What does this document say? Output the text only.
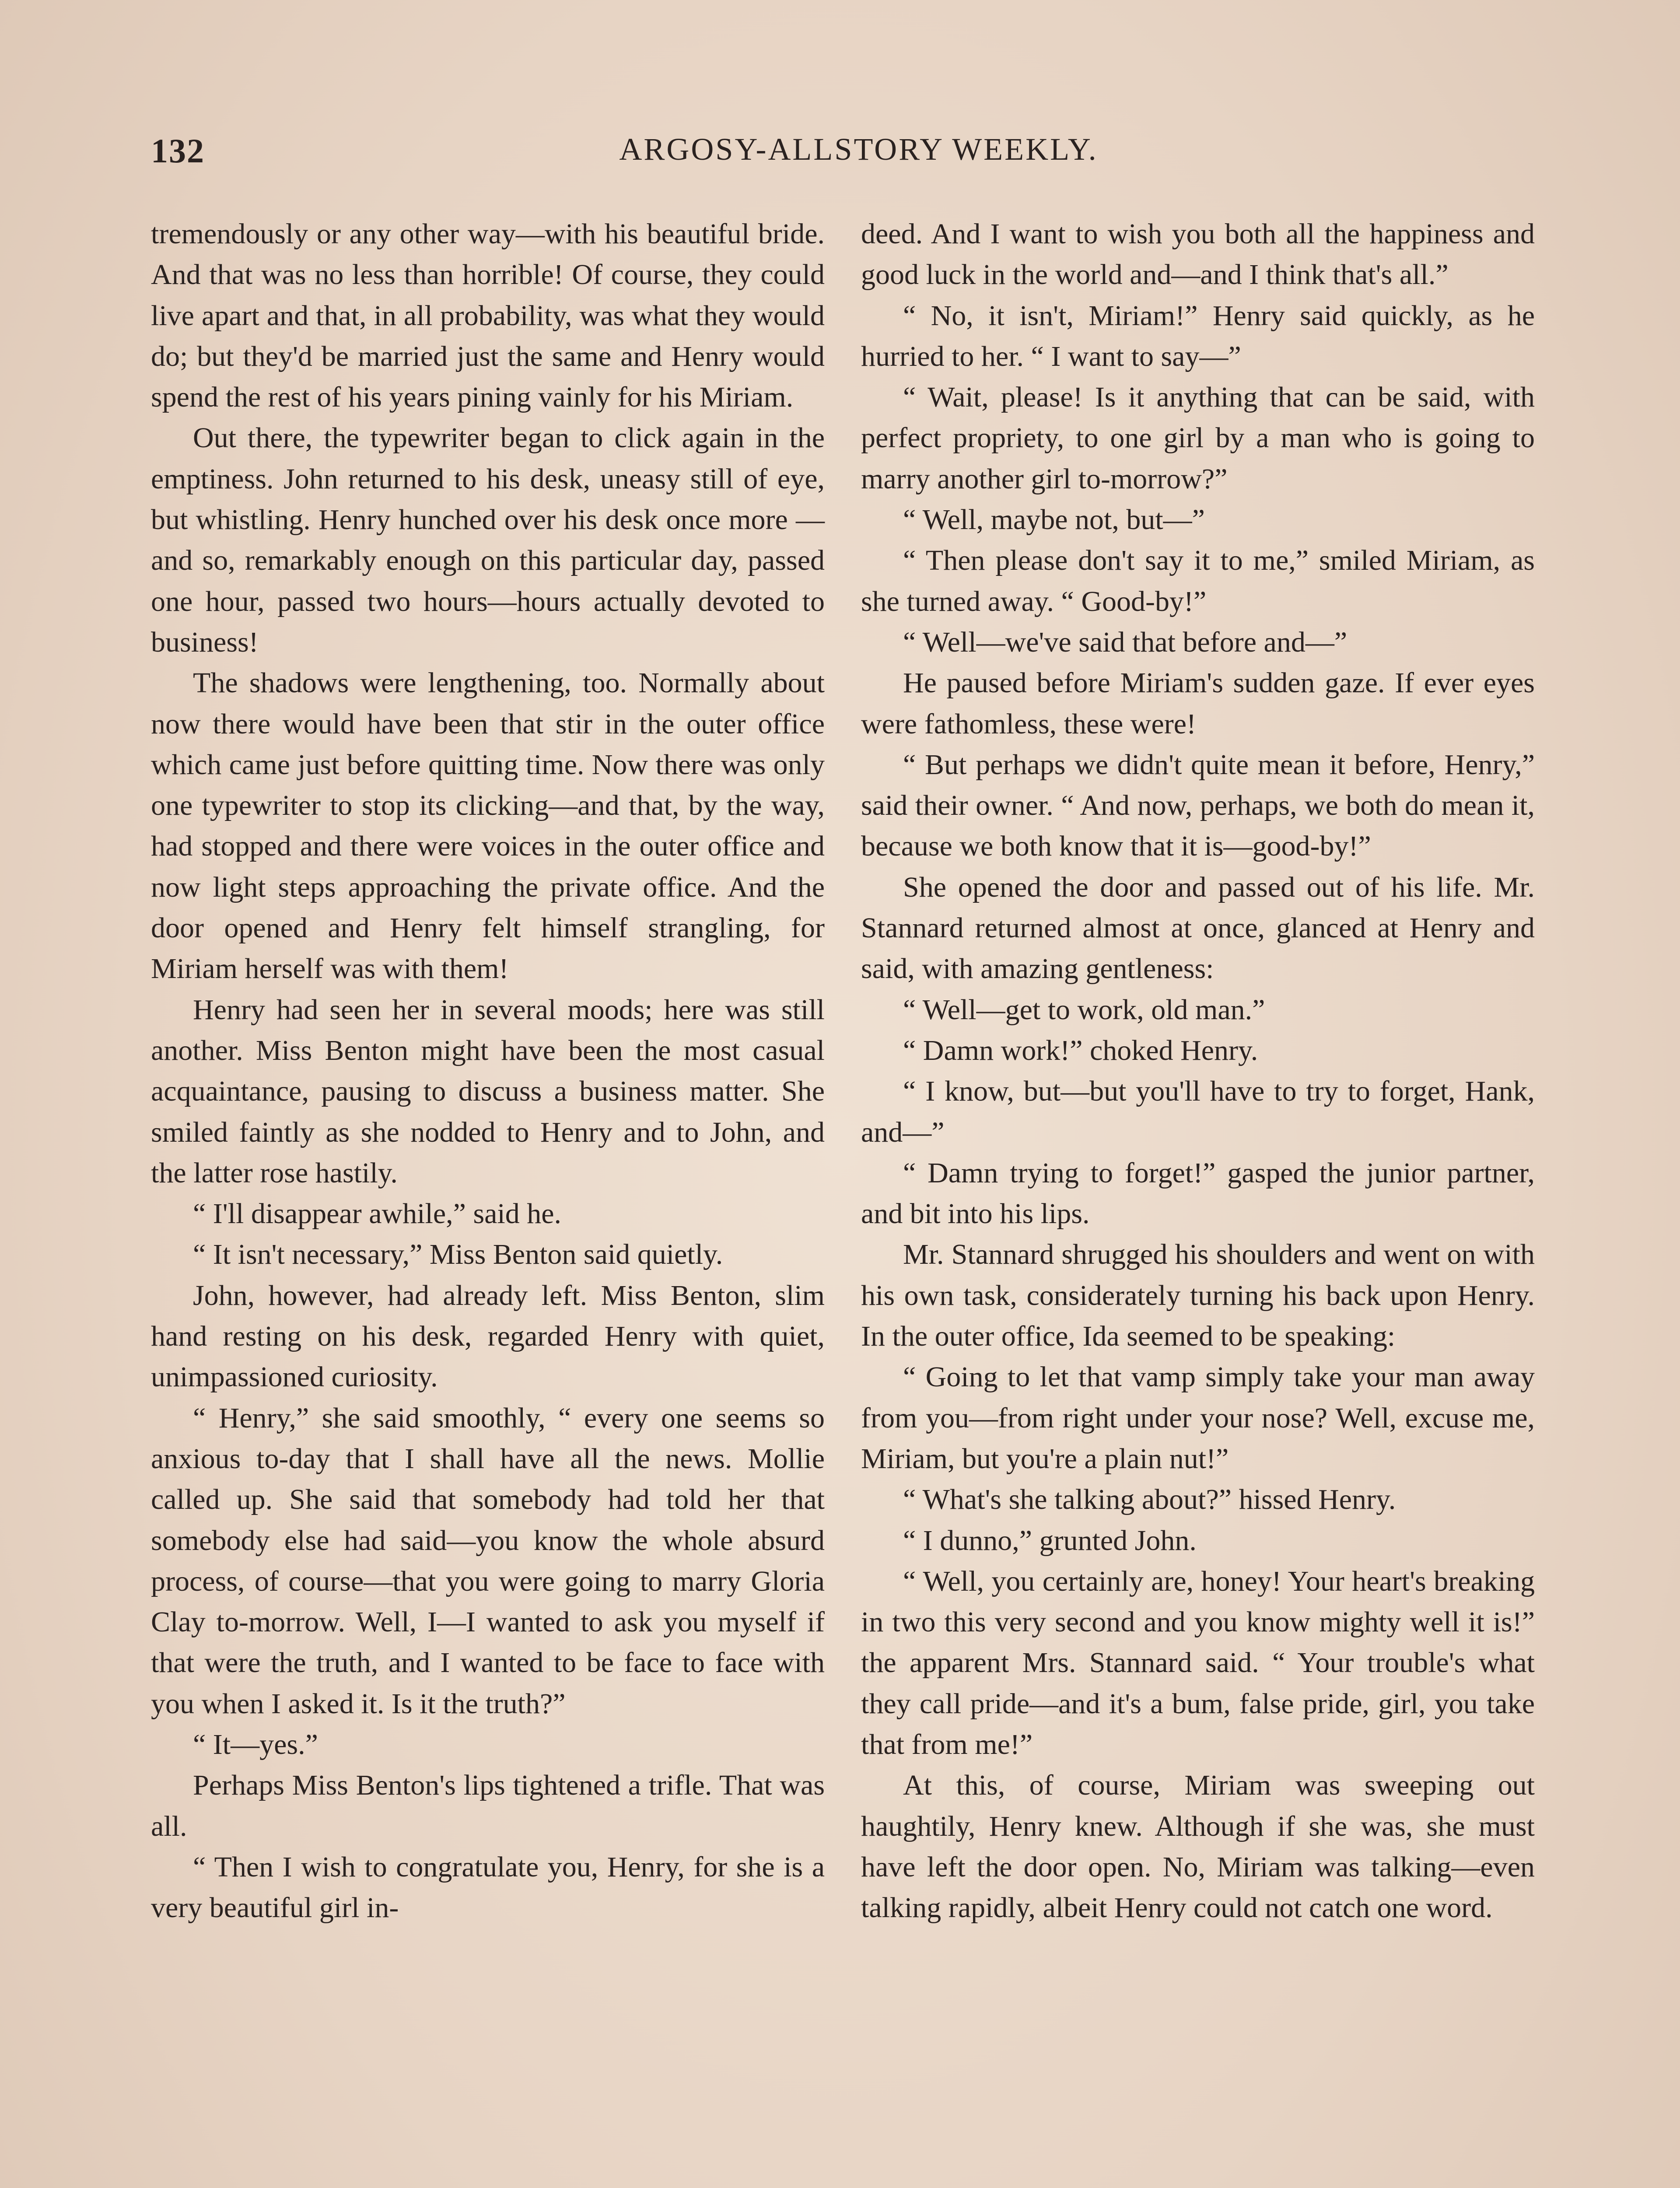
132	ARGOSY-ALLSTORY WEEKLY.

tremendously or any other way—with his beautiful bride. And that was no less than horrible! Of course, they could live apart and that, in all probability, was what they would do; but they'd be married just the same and Henry would spend the rest of his years pining vainly for his Miriam.

Out there, the typewriter began to click again in the emptiness. John returned to his desk, uneasy still of eye, but whistling. Henry hunched over his desk once more —and so, remarkably enough on this particular day, passed one hour, passed two hours—hours actually devoted to business!

The shadows were lengthening, too. Normally about now there would have been that stir in the outer office which came just before quitting time. Now there was only one typewriter to stop its clicking—and that, by the way, had stopped and there were voices in the outer office and now light steps approaching the private office. And the door opened and Henry felt himself strangling, for Miriam herself was with them!

Henry had seen her in several moods; here was still another. Miss Benton might have been the most casual acquaintance, pausing to discuss a business matter. She smiled faintly as she nodded to Henry and to John, and the latter rose hastily.

“ I'll disappear awhile,” said he.

“ It isn't necessary,” Miss Benton said quietly.

John, however, had already left. Miss Benton, slim hand resting on his desk, regarded Henry with quiet, unimpassioned curiosity.

“ Henry,” she said smoothly, “ every one seems so anxious to-day that I shall have all the news. Mollie called up. She said that somebody had told her that somebody else had said—you know the whole absurd process, of course—that you were going to marry Gloria Clay to-morrow. Well, I—I wanted to ask you myself if that were the truth, and I wanted to be face to face with you when I asked it. Is it the truth?”

“ It—yes.”

Perhaps Miss Benton's lips tightened a trifle. That was all.

“ Then I wish to congratulate you, Henry, for she is a very beautiful girl in-

deed. And I want to wish you both all the happiness and good luck in the world and—and I think that's all.”

“ No, it isn't, Miriam!” Henry said quickly, as he hurried to her. “ I want to say—”

“ Wait, please! Is it anything that can be said, with perfect propriety, to one girl by a man who is going to marry another girl to-morrow?”

“ Well, maybe not, but—”

“ Then please don't say it to me,” smiled Miriam, as she turned away. “ Good-by!”

“ Well—we've said that before and—”

He paused before Miriam's sudden gaze. If ever eyes were fathomless, these were!

“ But perhaps we didn't quite mean it before, Henry,” said their owner. “ And now, perhaps, we both do mean it, because we both know that it is—good-by!”

She opened the door and passed out of his life. Mr. Stannard returned almost at once, glanced at Henry and said, with amazing gentleness:

“ Well—get to work, old man.”

“ Damn work!” choked Henry.

“ I know, but—but you'll have to try to forget, Hank, and—”

“ Damn trying to forget!” gasped the junior partner, and bit into his lips.

Mr. Stannard shrugged his shoulders and went on with his own task, considerately turning his back upon Henry. In the outer office, Ida seemed to be speaking:

“ Going to let that vamp simply take your man away from you—from right under your nose? Well, excuse me, Miriam, but you're a plain nut!”

“ What's she talking about?” hissed Henry.

“ I dunno,” grunted John.

“ Well, you certainly are, honey! Your heart's breaking in two this very second and you know mighty well it is!” the apparent Mrs. Stannard said. “ Your trouble's what they call pride—and it's a bum, false pride, girl, you take that from me!”

At this, of course, Miriam was sweeping out haughtily, Henry knew. Although if she was, she must have left the door open. No, Miriam was talking—even talking rapidly, albeit Henry could not catch one word.
